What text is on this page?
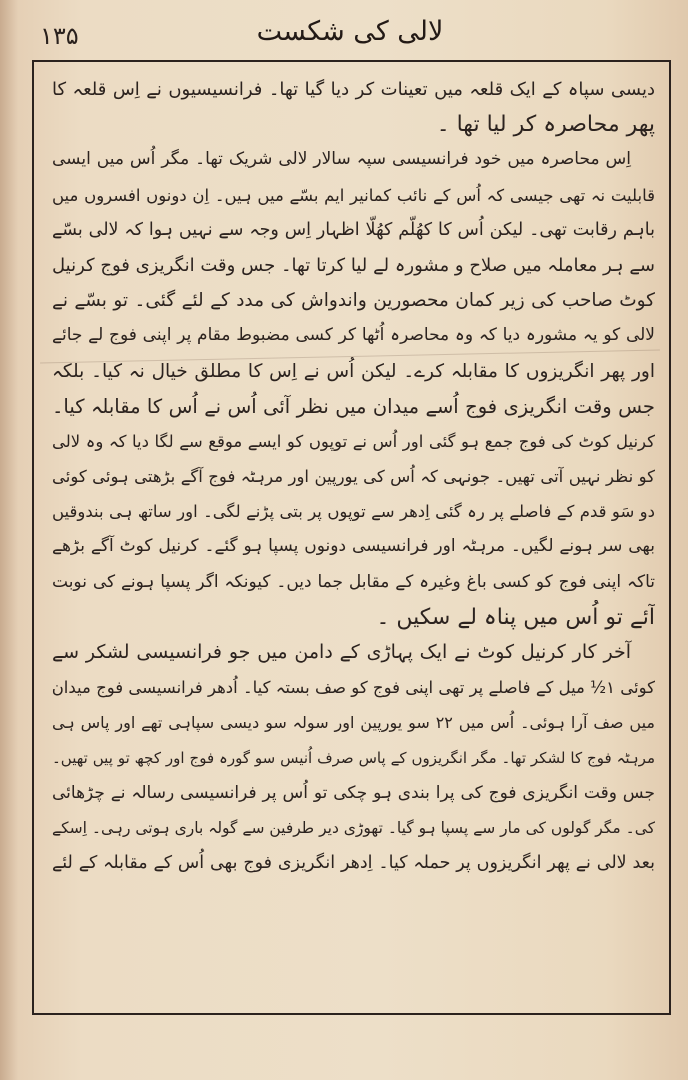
۱۳۵	لالی کی شکست
دیسی سپاہ کے ایک قلعہ میں تعینات کر دیا گیا تھا۔ فرانسیسیوں نے اِس قلعہ کا
پھر محاصرہ کر لیا تھا ۔
اِس محاصرہ میں خود فرانسیسی سپہ سالار لالی شریک تھا۔ مگر اُس میں ایسی
قابلیت نہ تھی جیسی کہ اُس کے نائب کمانیر ایم بسّے میں ہیں۔ اِن دونوں افسروں میں
باہم رقابت تھی۔ لیکن اُس کا کھُلّم کھُلّا اظہار اِس وجہ سے نہیں ہوا کہ لالی بسّے
سے ہر معاملہ میں صلاح و مشورہ لے لیا کرتا تھا۔ جس وقت انگریزی فوج کرنیل
کوٹ صاحب کی زیر کمان محصورین واندواش کی مدد کے لئے گئی۔ تو بسّے نے
لالی کو یہ مشورہ دیا کہ وہ محاصرہ اُٹھا کر کسی مضبوط مقام پر اپنی فوج لے جائے
اور پھر انگریزوں کا مقابلہ کرے۔ لیکن اُس نے اِس کا مطلق خیال نہ کیا۔ بلکہ
جس وقت انگریزی فوج اُسے میدان میں نظر آئی اُس نے اُس کا مقابلہ کیا۔
کرنیل کوٹ کی فوج جمع ہو گئی اور اُس نے توپوں کو ایسے موقع سے لگا دیا کہ وہ لالی
کو نظر نہیں آتی تھیں۔ جونہی کہ اُس کی یورپین اور مرہٹہ فوج آگے بڑھتی ہوئی کوئی
دو سَو قدم کے فاصلے پر رہ گئی اِدھر سے توپوں پر بتی پڑنے لگی۔ اور ساتھ ہی بندوقیں
بھی سر ہونے لگیں۔ مرہٹہ اور فرانسیسی دونوں پسپا ہو گئے۔ کرنیل کوٹ آگے بڑھے
تاکہ اپنی فوج کو کسی باغ وغیرہ کے مقابل جما دیں۔ کیونکہ اگر پسپا ہونے کی نوبت
آئے تو اُس میں پناہ لے سکیں ۔
آخر کار کرنیل کوٹ نے ایک پہاڑی کے دامن میں جو فرانسیسی لشکر سے
کوئی ۱½ میل کے فاصلے پر تھی اپنی فوج کو صف بستہ کیا۔ اُدھر فرانسیسی فوج میدان
میں صف آرا ہوئی۔ اُس میں ۲۲ سو یورپین اور سولہ سو دیسی سپاہی تھے اور پاس ہی
مرہٹہ فوج کا لشکر تھا۔ مگر انگریزوں کے پاس صرف اُنیس سو گورہ فوج اور کچھ تو پیں تھیں۔
جس وقت انگریزی فوج کی پرا بندی ہو چکی تو اُس پر فرانسیسی رسالہ نے چڑھائی
کی۔ مگر گولوں کی مار سے پسپا ہو گیا۔ تھوڑی دیر طرفین سے گولہ باری ہوتی رہی۔ اِسکے
بعد لالی نے پھر انگریزوں پر حملہ کیا۔ اِدھر انگریزی فوج بھی اُس کے مقابلہ کے لئے
